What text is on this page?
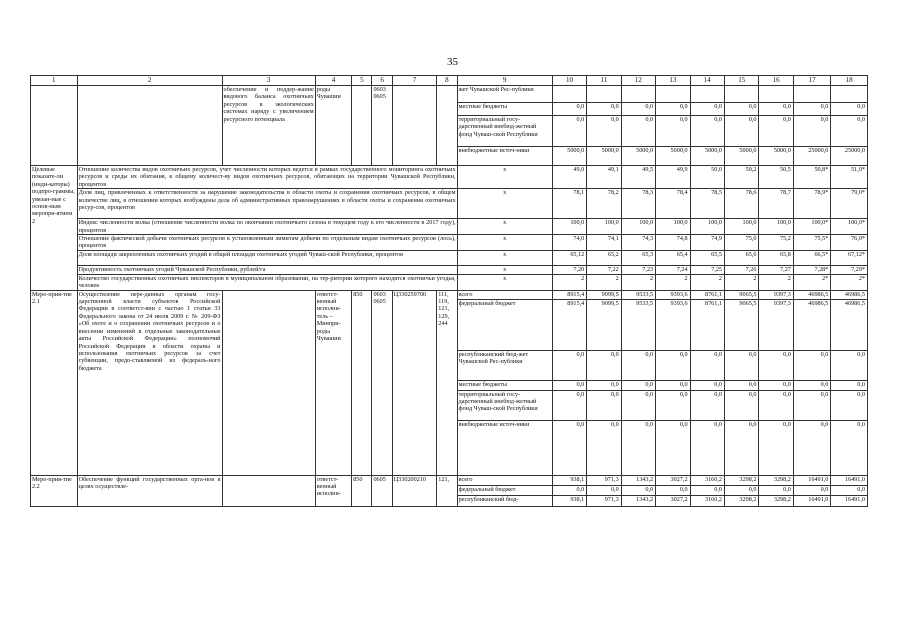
35
1	2	3	4	5	6	7	8	9	10	11	12	13	14	15	16	17	18
		обеспечение и поддер-жание видового баланса охотничьих ресурсов в экологических системах наряду с увеличением ресурсного потенциала	роды Чувашии		0603 0605			жет Чувашской Рес-публики									
								местные бюджеты	0,0	0,0	0,0	0,0	0,0	0,0	0,0	0,0	0,0
								территориальный госу-дарственный внебюд-жетный фонд Чуваш-ской Республики	0,0	0,0	0,0	0,0	0,0	0,0	0,0	0,0	0,0
								внебюджетные источ-ники	5000,0	5000,0	5000,0	5000,0	5000,0	5000,0	5000,0	25000,0	25000,0
Целевые показате-ли (инди-каторы) подпро-граммы, увязан-ные с основ-ным меропри-ятием 2	Отношение количества видов охотничьих ресурсов, учет численности которых ведется в рамках государственного мониторинга охотничьих ресурсов и среды их обитания, к общему количест-ву видов охотничьих ресурсов, обитающих на территории Чувашской Республики, процентов							x	49,0	49,1	49,5	49,9	50,0	50,2	50,5	50,8*	51,0*
	Доля лиц, привлеченных к ответственности за нарушение законодательства в области охоты и сохранения охотничьих ресурсов, в общем количестве лиц, в отношении которых возбуждены дела об административных правонарушениях в области охоты и сохранения охотничьих ресур-сов, процентов							x	78,1	78,2	78,3	78,4	78,5	78,6	78,7	78,9*	79,0*
	Индекс численности волка (отношение численности волка по окончании охотничьего сезона в текущем году к его численности в 2017 году), процентов							x	100,0	100,0	100,0	100,0	100,0	100,0	100,0	100,0*	100,0*
	Отношение фактической добычи охотничьих ресурсов к установленным лимитам добычи по отдельным видам охотничьих ресурсов (лось), процентов							x	74,0	74,1	74,3	74,8	74,9	75,0	75,2	75,5*	76,0*
	Доля площади закрепленных охотничьих угодий в общей площади охотничьих угодий Чуваш-ской Республики, процентов							x	65,12	65,2	65,3	65,4	65,5	65,6	65,8	66,5*	67,12*
	Продуктивность охотничьих угодий Чувашской Республики, рублей/га							x	7,20	7,22	7,23	7,24	7,25	7,26	7,27	7,28*	7,29*
	Количество государственных охотничьих инспекторов в муниципальном образовании, на тер-ритории которого находятся охотничьи угодья, человек							x	2	2	2	2	2	2	2	2*	2*
Меро-прия-тие 2.1	Осуществление пере-данных органам госу-дарственной власти субъектов Российской Федерации в соответст-вии с частью 1 статьи 33 Федерального закона от 24 июля 2009 г. № 209-ФЗ «Об охоте и о сохранении охотничьих ресурсов и о внесении изменений в отдельные законодательные акты Российской Федерации» полномочий Российской Федерации в области охраны и использования охотничьих ресурсов за счет субвенции, предо-ставляемой из федераль-ного бюджета		ответст-венный исполни-тель – Минпри-роды Чувашии	850	0603 0605	Ц330259700	111, 119, 121, 129, 244	всего	8915,4	9099,5	9533,5	9393,6	8761,1	9065,5	9397,3	46986,5	46986,5
								федеральный бюджет	8915,4	9099,5	9533,5	9393,6	8761,1	9065,5	9397,3	46986,5	46986,5
								республиканский бюд-жет Чувашской Рес-публики	0,0	0,0	0,0	0,0	0,0	0,0	0,0	0,0	0,0
								местные бюджеты	0,0	0,0	0,0	0,0	0,0	0,0	0,0	0,0	0,0
								территориальный госу-дарственный внебюд-жетный фонд Чуваш-ской Республики	0,0	0,0	0,0	0,0	0,0	0,0	0,0	0,0	0,0
								внебюджетные источ-ники	0,0	0,0	0,0	0,0	0,0	0,0	0,0	0,0	0,0
Меро-прия-тие 2.2	Обеспечение функций государственных орга-нов в целях осуществле-		ответст-венный исполни-	850	0605	Ц330200210	121,	всего	938,1	971,3	1343,2	3027,2	3160,2	3298,2	3298,2	16491,0	16491,0
								федеральный бюджет	0,0	0,0	0,0	0,0	0,0	0,0	0,0	0,0	0,0
								республиканский бюд-	938,1	971,3	1343,2	3027,2	3160,2	3298,2	3298,2	16491,0	16491,0
